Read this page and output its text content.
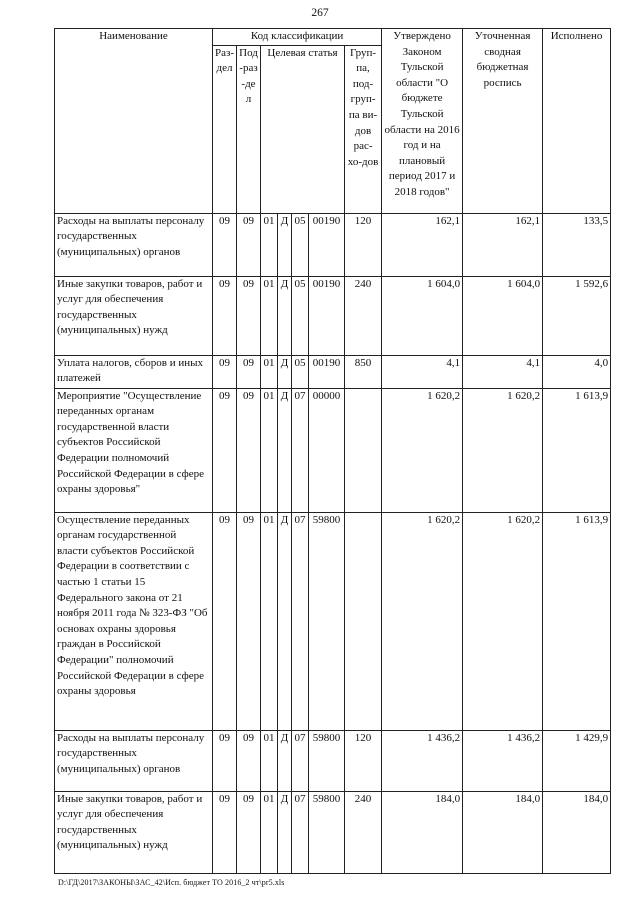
267
Наименование	Код классификации							Утверждено Законом Тульской области "О бюджете Тульской области на 2016 год и на плановый период 2017 и 2018 годов"	Уточненная сводная бюджетная роспись	Исполнено
	Раз-дел	Под-раз-дел	Целевая статья				Груп-па, под-груп-па ви-дов рас-хо-дов			
Расходы на выплаты персоналу государственных (муниципальных) органов	09	09	01	Д	05	00190	120	162,1	162,1	133,5
Иные закупки товаров, работ и услуг для обеспечения государственных (муниципальных) нужд	09	09	01	Д	05	00190	240	1 604,0	1 604,0	1 592,6
Уплата налогов, сборов и иных платежей	09	09	01	Д	05	00190	850	4,1	4,1	4,0
Мероприятие "Осуществление переданных органам государственной власти субъектов Российской Федерации полномочий Российской Федерации в сфере охраны здоровья"	09	09	01	Д	07	00000		1 620,2	1 620,2	1 613,9
Осуществление переданных органам государственной власти субъектов Российской Федерации в соответствии с частью 1 статьи 15 Федерального закона от 21 ноября 2011 года № 323-ФЗ "Об основах охраны здоровья граждан в Российской Федерации" полномочий Российской Федерации в сфере охраны здоровья	09	09	01	Д	07	59800		1 620,2	1 620,2	1 613,9
Расходы на выплаты персоналу государственных (муниципальных) органов	09	09	01	Д	07	59800	120	1 436,2	1 436,2	1 429,9
Иные закупки товаров, работ и услуг для обеспечения государственных (муниципальных) нужд	09	09	01	Д	07	59800	240	184,0	184,0	184,0
D:\ГД\2017\ЗАКОНЫ\ЗАС_42\Исп. бюджет ТО 2016_2 чт\pr5.xls
